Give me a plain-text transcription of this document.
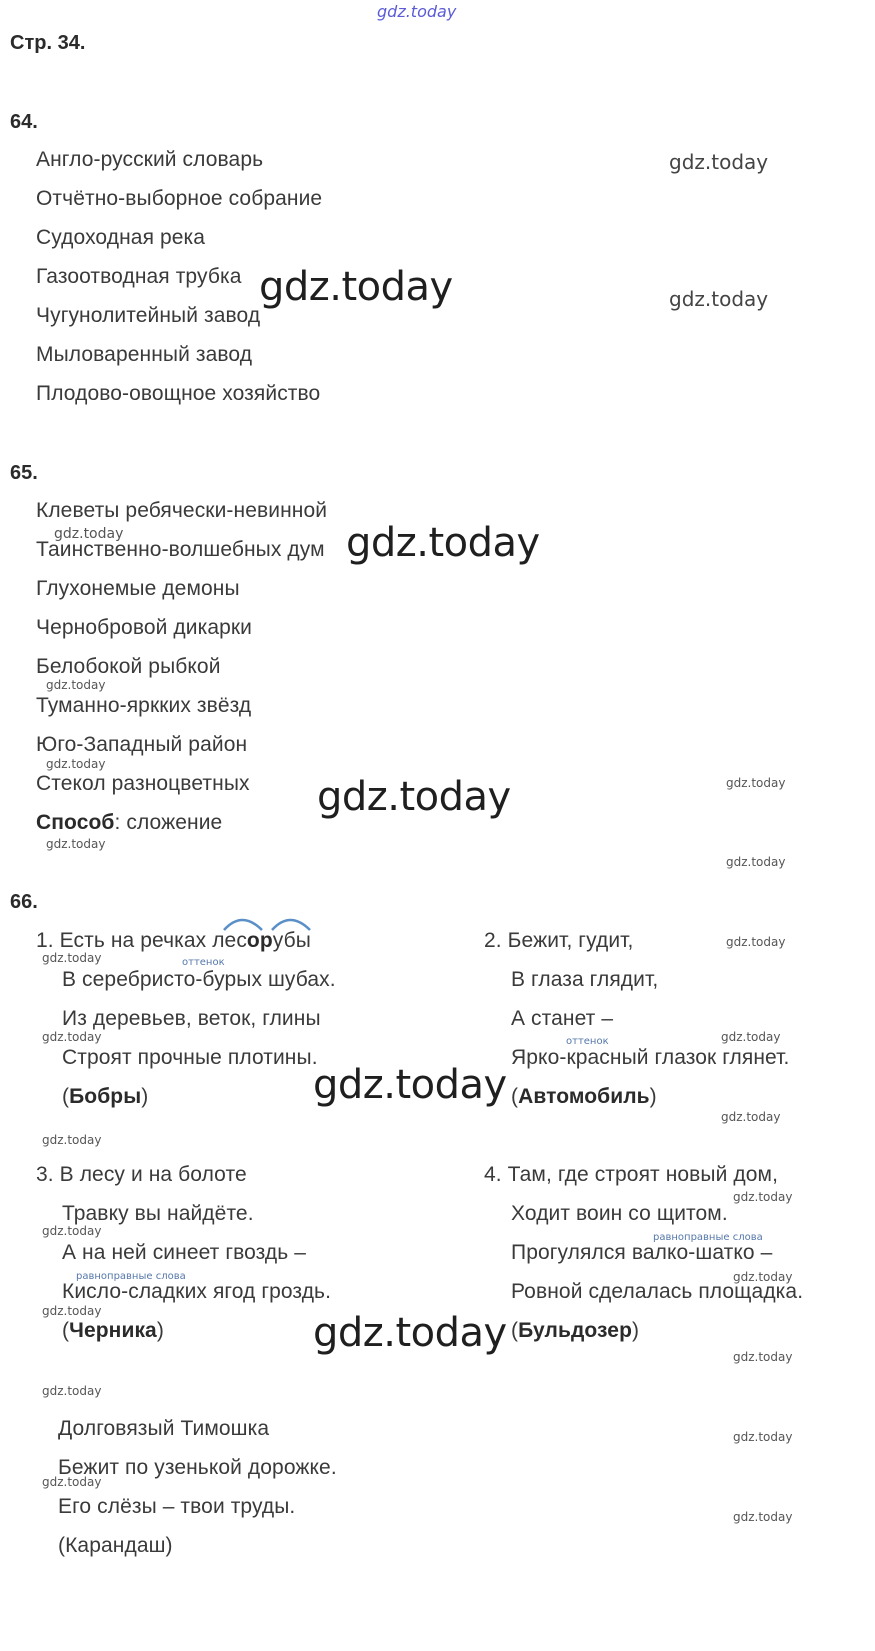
gdz.today
Стр. 34.
64.
Англо-русский словарь
Отчётно-выборное собрание
Судоходная река
Газоотводная трубка
Чугунолитейный завод
Мыловаренный завод
Плодово-овощное хозяйство
gdz.today
gdz.today	gdz.today
65.
Клеветы ребячески-невинной
Таинственно-волшебных дум
Глухонемые демоны
Чернобровой дикарки
Белобокой рыбкой
Туманно-яркких звёзд
Юго-Западный район
Стекол разноцветных
Способ: сложение
gdz.today	gdz.today
gdz.today
gdz.today
gdz.today	gdz.today
gdz.today
gdz.today
66.
1. Есть на речках лесорубы
оттенок
В серебристо-бурых шубах.
Из деревьев, веток, глины
Строят прочные плотины.
(Бобры)
gdz.today
gdz.today
gdz.today
gdz.today
2. Бежит, гудит,
В глаза глядит,
А станет –
оттенок
Ярко-красный глазок глянет.
(Автомобиль)
gdz.today
gdz.today
gdz.today
3. В лесу и на болоте
Травку вы найдёте.
А на ней синеет гвоздь –
равноправные слова
Кисло-сладких ягод гроздь.
(Черника)
gdz.today
gdz.today	gdz.today
gdz.today
4. Там, где строят новый дом,
Ходит воин со щитом.
равноправные слова
Прогулялся валко-шатко –
Ровной сделалась площадка.
(Бульдозер)
gdz.today
gdz.today
gdz.today
Долговязый Тимошка
Бежит по узенькой дорожке.
Его слёзы – твои труды.
(Карандаш)
gdz.today
gdz.today
gdz.today
